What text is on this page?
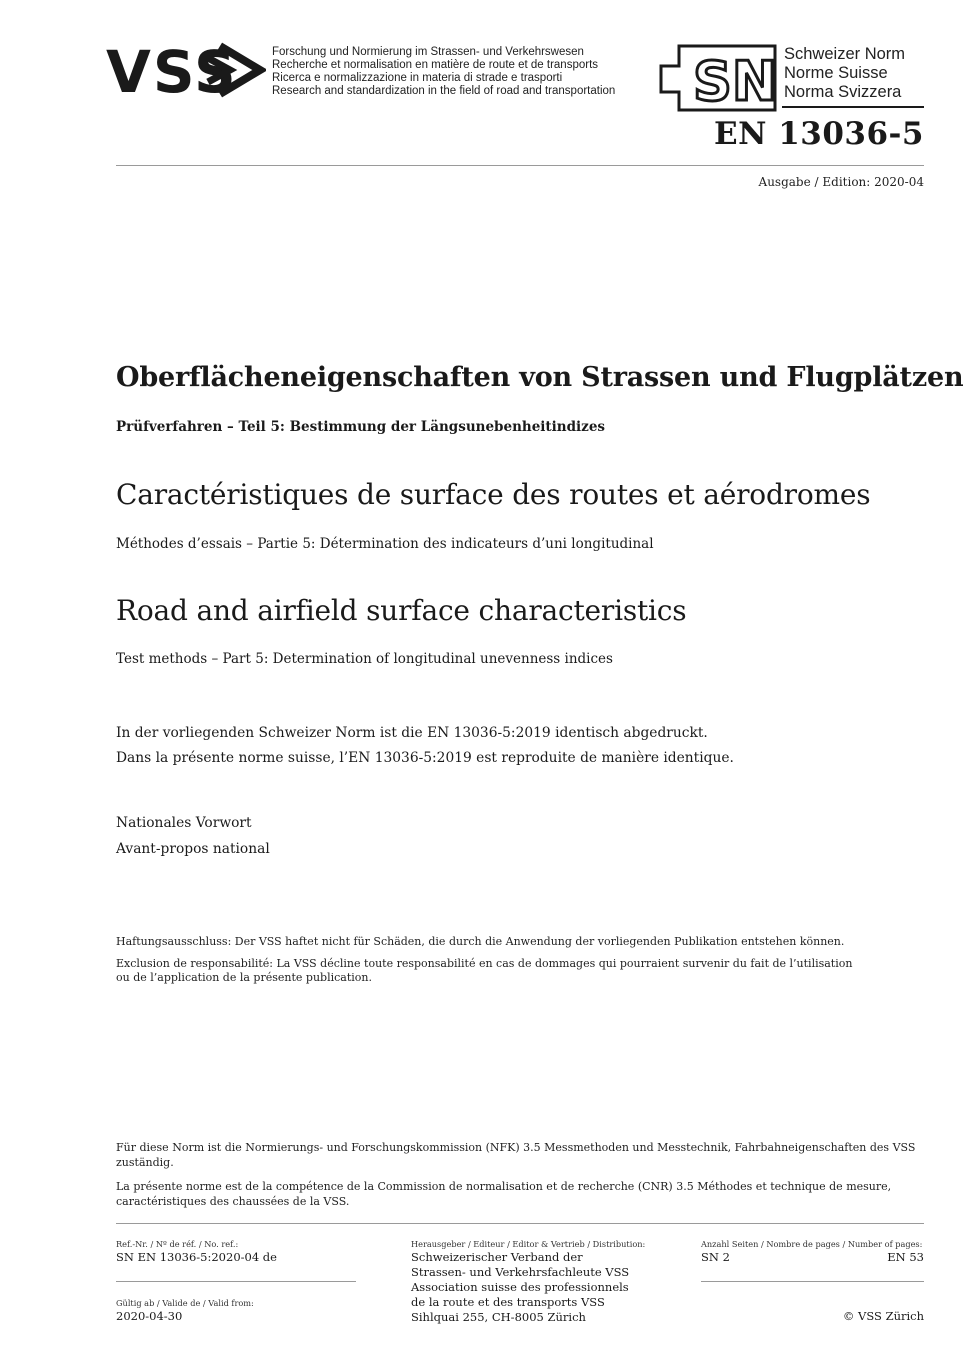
VSS	Forschung und Normierung im Strassen- und Verkehrswesen
Recherche et normalisation en matière de route et de transports
Ricerca e normalizzazione in materia di strade e trasporti
Research and standardization in the field of road and transportation SN Schweizer Norm
Norme Suisse
Norma Svizzera
EN 13036-5
Ausgabe / Edition: 2020-04
Oberflächeneigenschaften von Strassen und Flugplätzen
Prüfverfahren – Teil 5: Bestimmung der Längsunebenheitindizes
Caractéristiques de surface des routes et aérodromes
Méthodes d’essais – Partie 5: Détermination des indicateurs d’uni longitudinal
Road and airfield surface characteristics
Test methods – Part 5: Determination of longitudinal unevenness indices
In der vorliegenden Schweizer Norm ist die EN 13036-5:2019 identisch abgedruckt.
Dans la présente norme suisse, l’EN 13036-5:2019 est reproduite de manière identique.
Nationales Vorwort
Avant-propos national
Haftungsausschluss: Der VSS haftet nicht für Schäden, die durch die Anwendung der vorliegenden Publikation entstehen können.
Exclusion de responsabilité: La VSS décline toute responsabilité en cas de dommages qui pourraient survenir du fait de l’utilisation
ou de l’application de la présente publication.
Für diese Norm ist die Normierungs- und Forschungskommission (NFK) 3.5 Messmethoden und Messtechnik, Fahrbahneigenschaften des VSS
zuständig.
La présente norme est de la compétence de la Commission de normalisation et de recherche (CNR) 3.5 Méthodes et technique de mesure,
caractéristiques des chaussées de la VSS.
Ref.-Nr. / Nº de réf. / No. ref.:
SN EN 13036-5:2020-04 de
Gültig ab / Valide de / Valid from:
2020-04-30
Herausgeber / Editeur / Editor & Vertrieb / Distribution:
Schweizerischer Verband der
Strassen- und Verkehrsfachleute VSS
Association suisse des professionnels
de la route et des transports VSS
Sihlquai 255, CH-8005 Zürich
Anzahl Seiten / Nombre de pages / Number of pages:
SN 2	EN 53
© VSS Zürich
